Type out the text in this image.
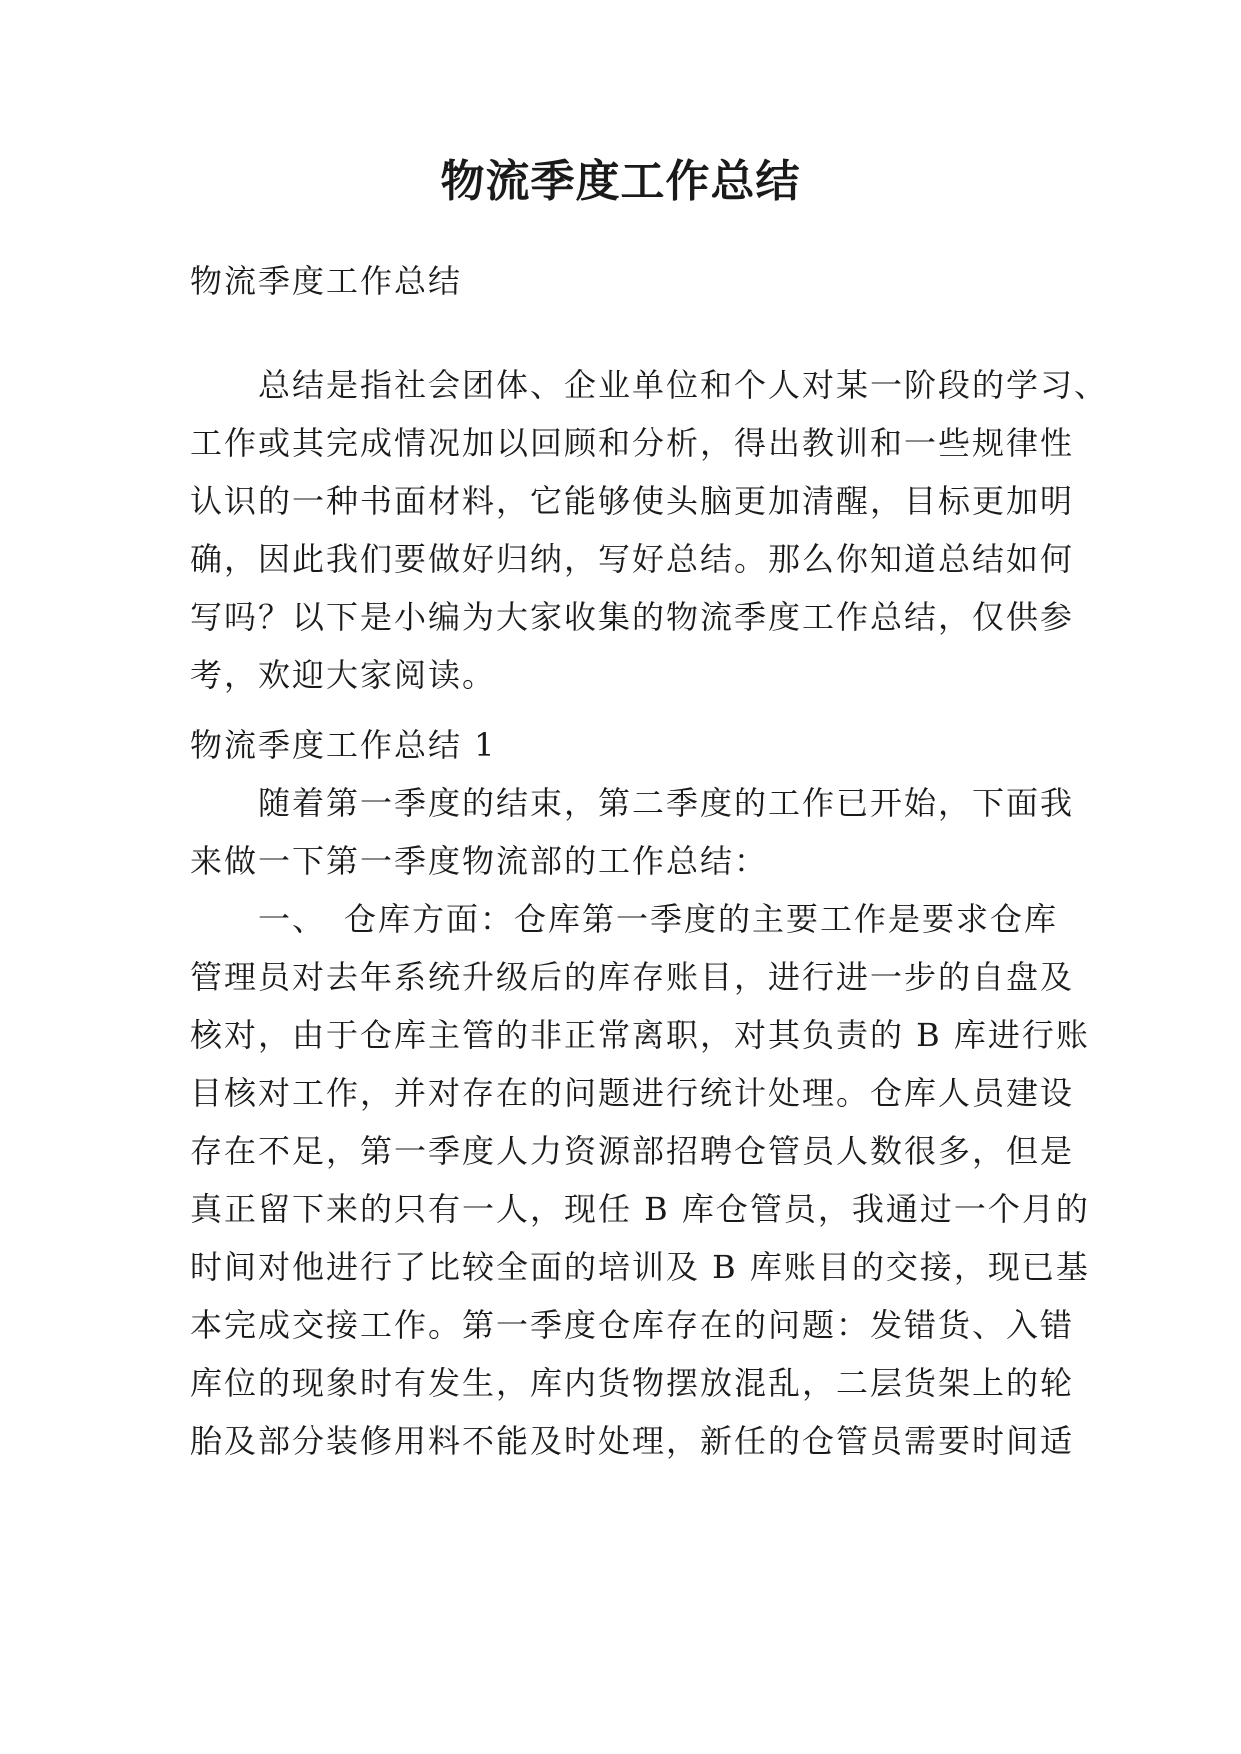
物流季度工作总结
物流季度工作总结
　　总结是指社会团体、企业单位和个人对某一阶段的学习、
工作或其完成情况加以回顾和分析，得出教训和一些规律性
认识的一种书面材料，它能够使头脑更加清醒，目标更加明
确，因此我们要做好归纳，写好总结。那么你知道总结如何
写吗？以下是小编为大家收集的物流季度工作总结，仅供参
考，欢迎大家阅读。
物流季度工作总结 1
　　随着第一季度的结束，第二季度的工作已开始，下面我
来做一下第一季度物流部的工作总结：
　　一、　仓库方面：仓库第一季度的主要工作是要求仓库
管理员对去年系统升级后的库存账目，进行进一步的自盘及
核对，由于仓库主管的非正常离职，对其负责的 B 库进行账
目核对工作，并对存在的问题进行统计处理。仓库人员建设
存在不足，第一季度人力资源部招聘仓管员人数很多，但是
真正留下来的只有一人，现任 B 库仓管员，我通过一个月的
时间对他进行了比较全面的培训及 B 库账目的交接，现已基
本完成交接工作。第一季度仓库存在的问题：发错货、入错
库位的现象时有发生，库内货物摆放混乱，二层货架上的轮
胎及部分装修用料不能及时处理，新任的仓管员需要时间适
